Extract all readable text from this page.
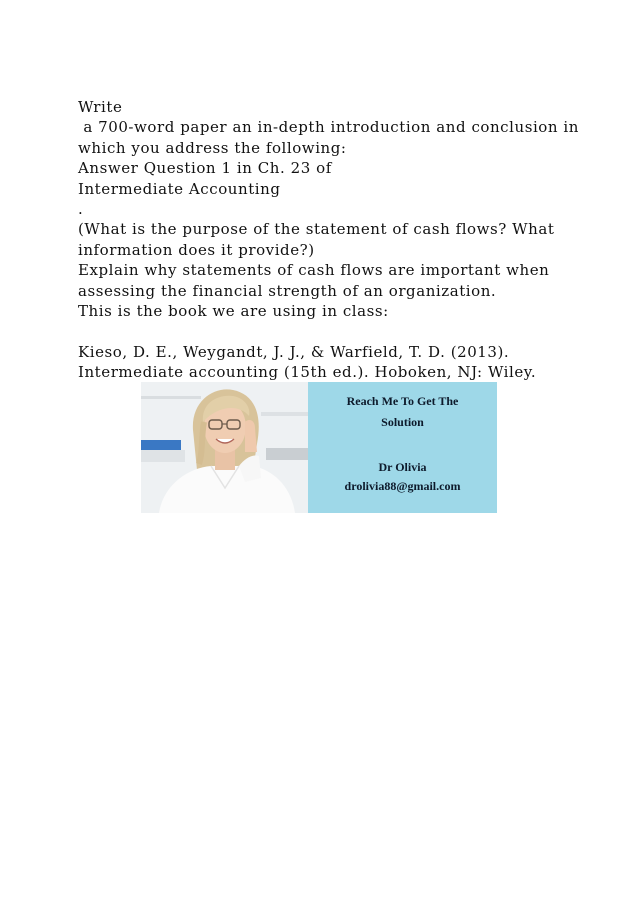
Write
a 700-word paper an in-depth introduction and conclusion in
which you address the following:
Answer Question 1 in Ch. 23 of
Intermediate Accounting
.
(What is the purpose of the statement of cash flows? What
information does it provide?)
Explain why statements of cash flows are important when
assessing the financial strength of an organization.
This is the book we are using in class:
Kieso, D. E., Weygandt, J. J., & Warfield, T. D. (2013).
Intermediate accounting (15th ed.). Hoboken, NJ: Wiley.
Reach Me To Get The
Solution
Dr Olivia
drolivia88@gmail.com
